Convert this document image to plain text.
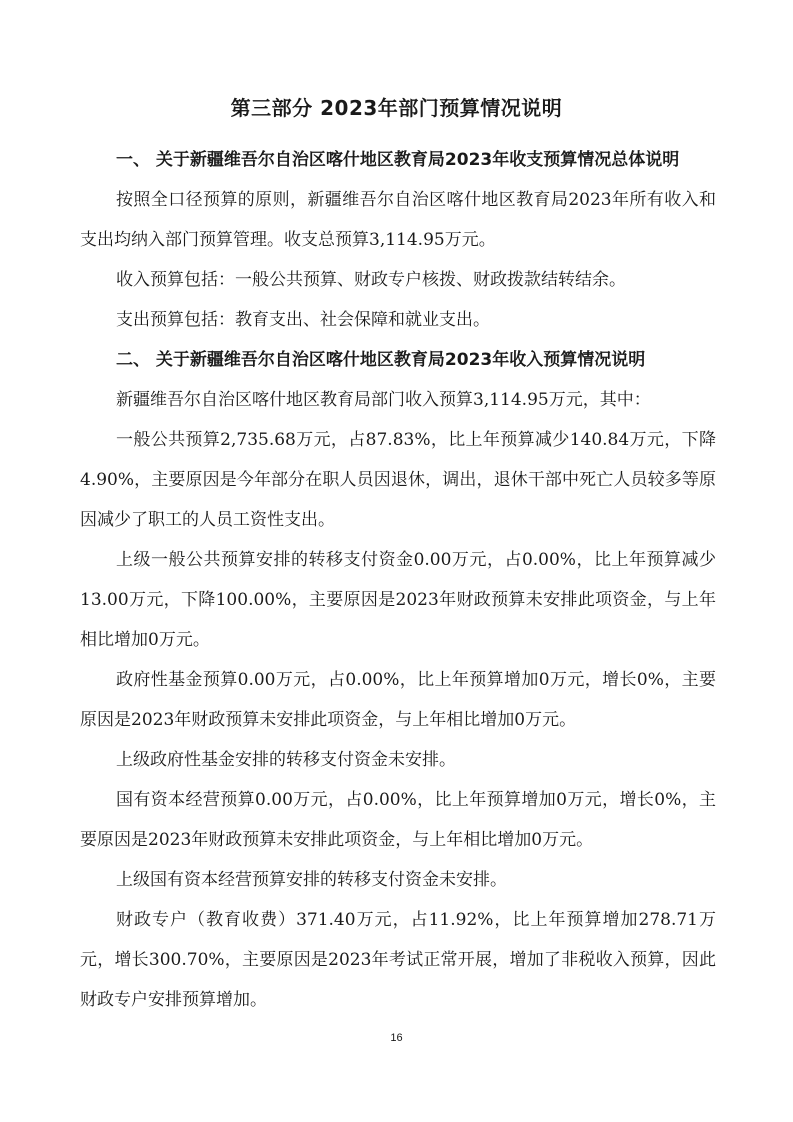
第三部分 2023年部门预算情况说明

一、 关于新疆维吾尔自治区喀什地区教育局2023年收支预算情况总体说明

按照全口径预算的原则，新疆维吾尔自治区喀什地区教育局2023年所有收入和支出均纳入部门预算管理。收支总预算3,114.95万元。

收入预算包括：一般公共预算、财政专户核拨、财政拨款结转结余。

支出预算包括：教育支出、社会保障和就业支出。

二、 关于新疆维吾尔自治区喀什地区教育局2023年收入预算情况说明

新疆维吾尔自治区喀什地区教育局部门收入预算3,114.95万元，其中：

一般公共预算2,735.68万元，占87.83%，比上年预算减少140.84万元，下降4.90%，主要原因是今年部分在职人员因退休，调出，退休干部中死亡人员较多等原因减少了职工的人员工资性支出。

上级一般公共预算安排的转移支付资金0.00万元，占0.00%，比上年预算减少13.00万元，下降100.00%，主要原因是2023年财政预算未安排此项资金，与上年相比增加0万元。

政府性基金预算0.00万元，占0.00%，比上年预算增加0万元，增长0%，主要原因是2023年财政预算未安排此项资金，与上年相比增加0万元。

上级政府性基金安排的转移支付资金未安排。

国有资本经营预算0.00万元，占0.00%，比上年预算增加0万元，增长0%，主要原因是2023年财政预算未安排此项资金，与上年相比增加0万元。

上级国有资本经营预算安排的转移支付资金未安排。

财政专户（教育收费）371.40万元，占11.92%，比上年预算增加278.71万元，增长300.70%，主要原因是2023年考试正常开展，增加了非税收入预算，因此财政专户安排预算增加。

16
